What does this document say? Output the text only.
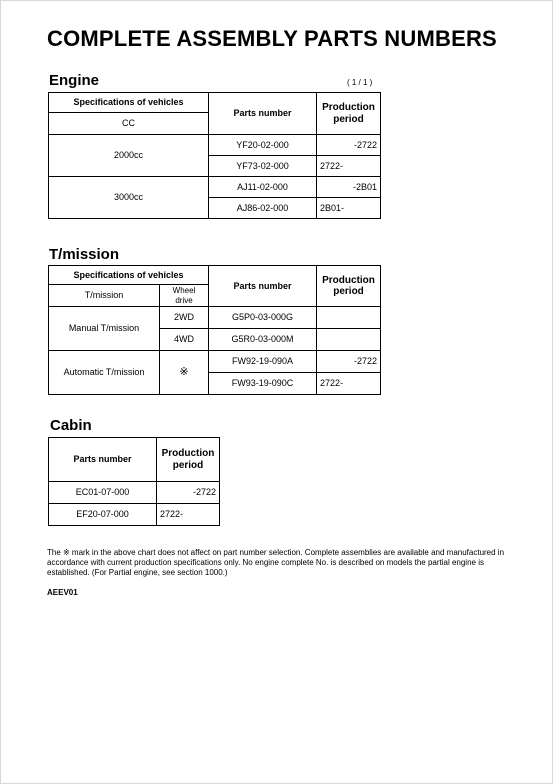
COMPLETE ASSEMBLY PARTS NUMBERS
Engine	( 1 / 1 )
Specifications of vehicles	Parts number	Production period
CC		
2000cc	YF20-02-000	-2722
	YF73-02-000	2722-
3000cc	AJ11-02-000	-2B01
	AJ86-02-000	2B01-
T/mission
Specifications of vehicles		Parts number	Production period
T/mission	Wheel drive		
Manual T/mission	2WD	G5P0-03-000G	
	4WD	G5R0-03-000M	
Automatic T/mission	※	FW92-19-090A	-2722
		FW93-19-090C	2722-
Cabin
Parts number	Production period
EC01-07-000	-2722
EF20-07-000	2722-
The ※ mark in the above chart does not affect on part number selection. Complete assemblies are available and manufactured in accordance with current production specifications only. No engine complete No. is described on models the partial engine is established. (For Partial engine, see section 1000.)
AEEV01
